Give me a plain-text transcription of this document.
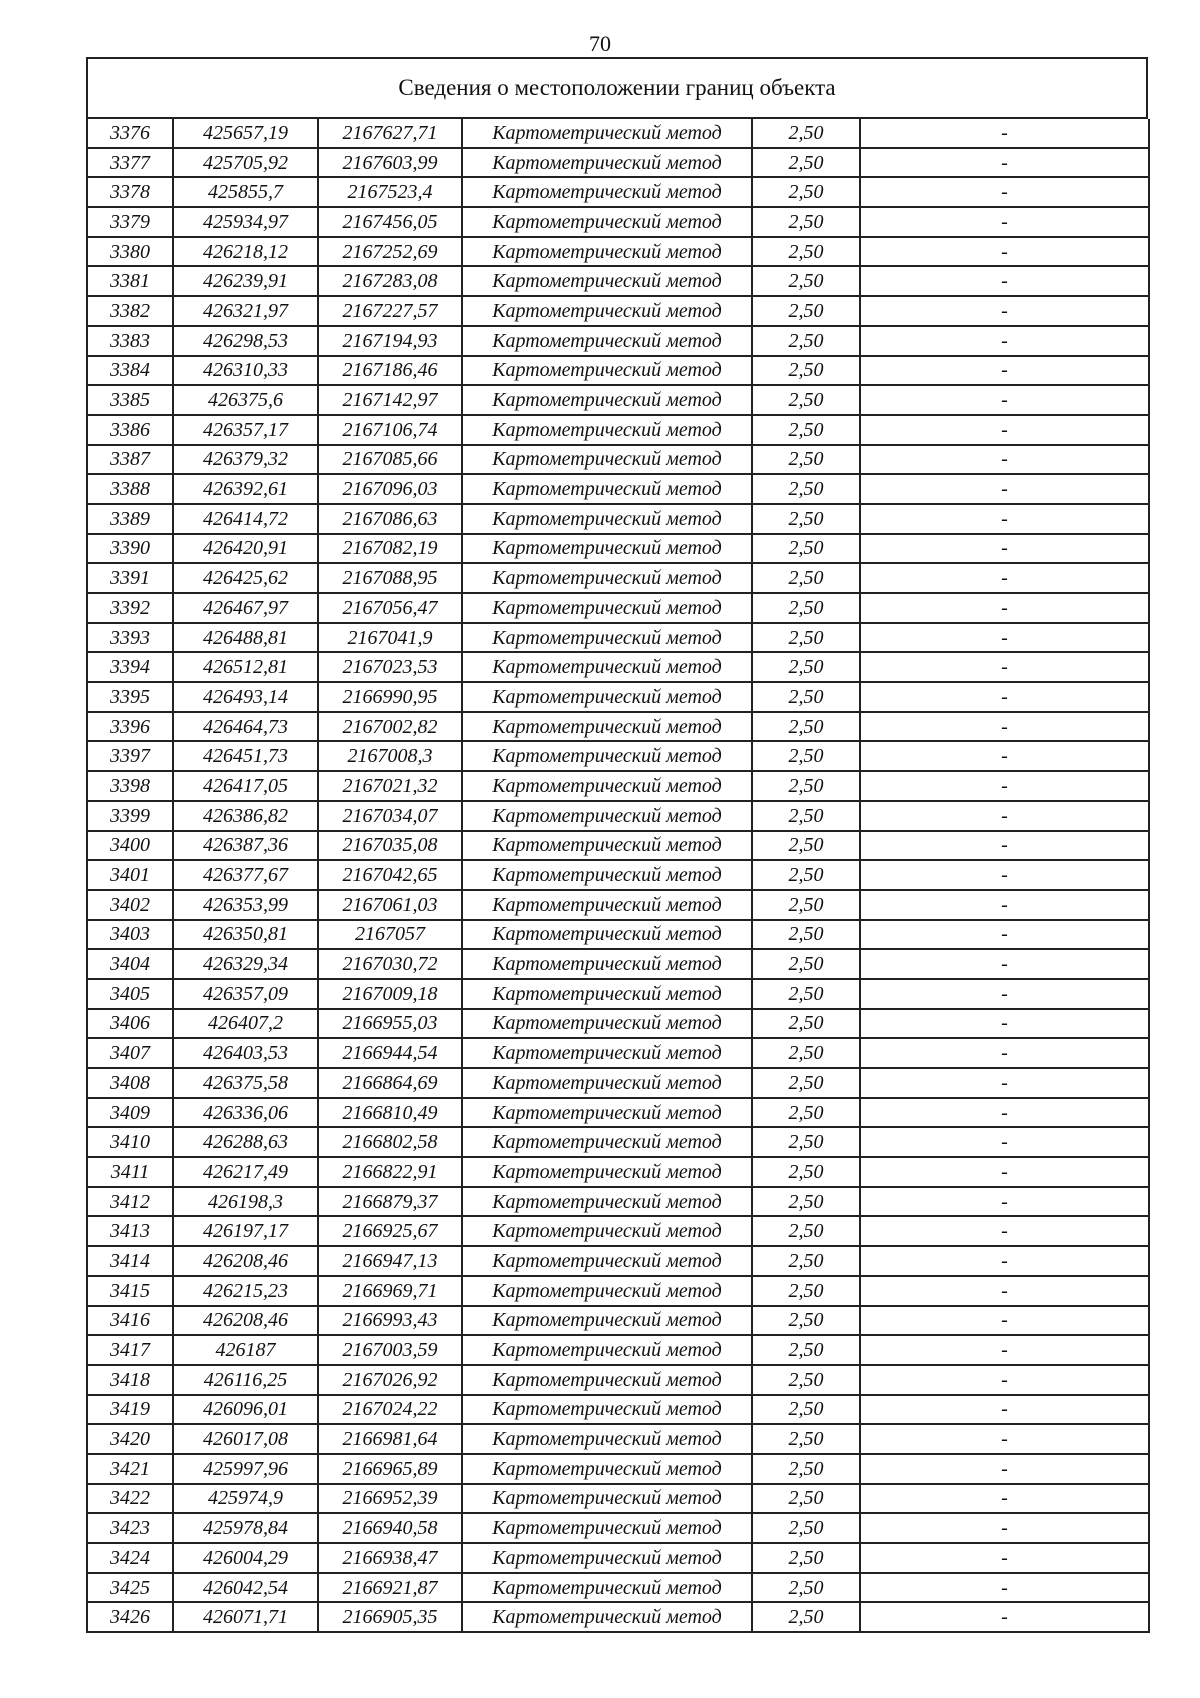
70
Сведения о местоположении границ объекта
3376	425657,19	2167627,71	Картометрический метод	2,50	-
3377	425705,92	2167603,99	Картометрический метод	2,50	-
3378	425855,7	2167523,4	Картометрический метод	2,50	-
3379	425934,97	2167456,05	Картометрический метод	2,50	-
3380	426218,12	2167252,69	Картометрический метод	2,50	-
3381	426239,91	2167283,08	Картометрический метод	2,50	-
3382	426321,97	2167227,57	Картометрический метод	2,50	-
3383	426298,53	2167194,93	Картометрический метод	2,50	-
3384	426310,33	2167186,46	Картометрический метод	2,50	-
3385	426375,6	2167142,97	Картометрический метод	2,50	-
3386	426357,17	2167106,74	Картометрический метод	2,50	-
3387	426379,32	2167085,66	Картометрический метод	2,50	-
3388	426392,61	2167096,03	Картометрический метод	2,50	-
3389	426414,72	2167086,63	Картометрический метод	2,50	-
3390	426420,91	2167082,19	Картометрический метод	2,50	-
3391	426425,62	2167088,95	Картометрический метод	2,50	-
3392	426467,97	2167056,47	Картометрический метод	2,50	-
3393	426488,81	2167041,9	Картометрический метод	2,50	-
3394	426512,81	2167023,53	Картометрический метод	2,50	-
3395	426493,14	2166990,95	Картометрический метод	2,50	-
3396	426464,73	2167002,82	Картометрический метод	2,50	-
3397	426451,73	2167008,3	Картометрический метод	2,50	-
3398	426417,05	2167021,32	Картометрический метод	2,50	-
3399	426386,82	2167034,07	Картометрический метод	2,50	-
3400	426387,36	2167035,08	Картометрический метод	2,50	-
3401	426377,67	2167042,65	Картометрический метод	2,50	-
3402	426353,99	2167061,03	Картометрический метод	2,50	-
3403	426350,81	2167057	Картометрический метод	2,50	-
3404	426329,34	2167030,72	Картометрический метод	2,50	-
3405	426357,09	2167009,18	Картометрический метод	2,50	-
3406	426407,2	2166955,03	Картометрический метод	2,50	-
3407	426403,53	2166944,54	Картометрический метод	2,50	-
3408	426375,58	2166864,69	Картометрический метод	2,50	-
3409	426336,06	2166810,49	Картометрический метод	2,50	-
3410	426288,63	2166802,58	Картометрический метод	2,50	-
3411	426217,49	2166822,91	Картометрический метод	2,50	-
3412	426198,3	2166879,37	Картометрический метод	2,50	-
3413	426197,17	2166925,67	Картометрический метод	2,50	-
3414	426208,46	2166947,13	Картометрический метод	2,50	-
3415	426215,23	2166969,71	Картометрический метод	2,50	-
3416	426208,46	2166993,43	Картометрический метод	2,50	-
3417	426187	2167003,59	Картометрический метод	2,50	-
3418	426116,25	2167026,92	Картометрический метод	2,50	-
3419	426096,01	2167024,22	Картометрический метод	2,50	-
3420	426017,08	2166981,64	Картометрический метод	2,50	-
3421	425997,96	2166965,89	Картометрический метод	2,50	-
3422	425974,9	2166952,39	Картометрический метод	2,50	-
3423	425978,84	2166940,58	Картометрический метод	2,50	-
3424	426004,29	2166938,47	Картометрический метод	2,50	-
3425	426042,54	2166921,87	Картометрический метод	2,50	-
3426	426071,71	2166905,35	Картометрический метод	2,50	-
